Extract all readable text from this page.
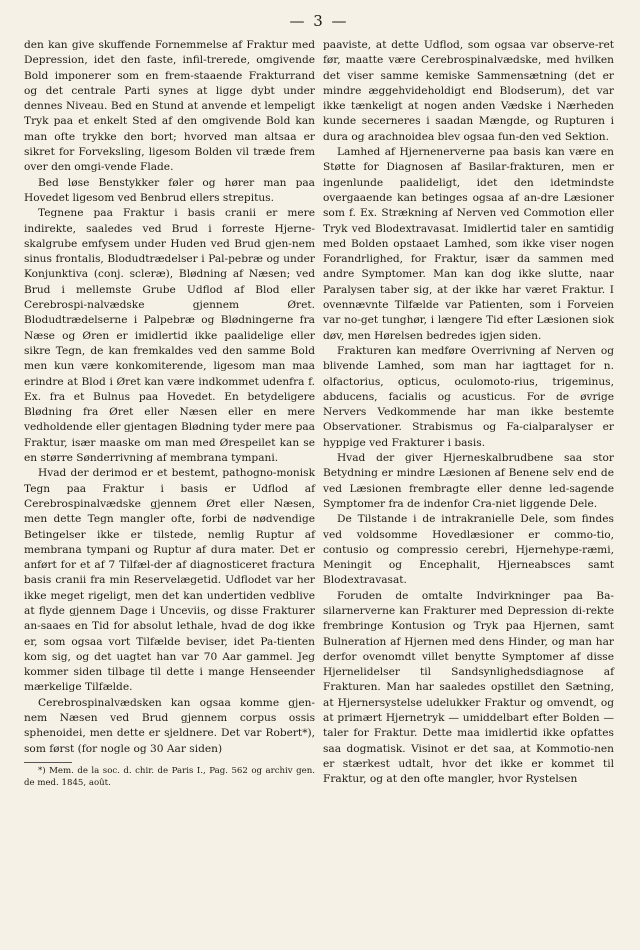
— 3 —

den kan give skuffende Fornemmelse af Fraktur med Depression, idet den faste, infil-trerede, omgivende Bold imponerer som en frem-staaende Frakturrand og det centrale Parti synes at ligge dybt under dennes Niveau. Bed en Stund at anvende et lempeligt Tryk paa et enkelt Sted af den omgivende Bold kan man ofte trykke den bort; hvorved man altsaa er sikret for Forveksling, ligesom Bolden vil træde frem over den omgi-vende Flade.

Bed løse Benstykker føler og hører man paa Hovedet ligesom ved Benbrud ellers strepitus.

Tegnene paa Fraktur i basis cranii er mere indirekte, saaledes ved Brud i forreste Hjerne-skalgrube emfysem under Huden ved Brud gjen-nem sinus frontalis, Blodudtrædelser i Pal-pebræ og under Konjunktiva (conj. scleræ), Blødning af Næsen; ved Brud i mellemste Grube Udflod af Blod eller Cerebrospi-nalvædske gjennem Øret. Blodudtrædelserne i Palpebræ og Blødningerne fra Næse og Øren er imidlertid ikke paalidelige eller sikre Tegn, de kan fremkaldes ved den samme Bold men kun være konkomiterende, ligesom man maa erindre at Blod i Øret kan være indkommet udenfra f. Ex. fra et Bulnus paa Hovedet. En betydeligere Blødning fra Øret eller Næsen eller en mere vedholdende eller gjentagen Blødning tyder mere paa Fraktur, især maaske om man med Ørespeilet kan se en større Sønderrivning af membrana tympani.

Hvad der derimod er et bestemt, pathogno-monisk Tegn paa Fraktur i basis er Udflod af Cerebrospinalvædske gjennem Øret eller Næsen, men dette Tegn mangler ofte, forbi de nødvendige Betingelser ikke er tilstede, nemlig Ruptur af membrana tympani og Ruptur af dura mater. Det er anført for et af 7 Tilfæl-der af diagnosticeret fractura basis cranii fra min Reservelægetid. Udflodet var her ikke meget rigeligt, men det kan undertiden vedblive at flyde gjennem Dage i Unceviis, og disse Frakturer an-saaes en Tid for absolut lethale, hvad de dog ikke er, som ogsaa vort Tilfælde beviser, idet Pa-tienten kom sig, og det uagtet han var 70 Aar gammel. Jeg kommer siden tilbage til dette i mange Henseender mærkelige Tilfælde.

Cerebrospinalvædsken kan ogsaa komme gjen-nem Næsen ved Brud gjennem corpus ossis sphenoidei, men dette er sjeldnere. Det var Robert*), som først (for nogle og 30 Aar siden)

*) Mem. de la soc. d. chir. de Paris I., Pag. 562 og archiv gen. de med. 1845, août.

paaviste, at dette Udflod, som ogsaa var observe-ret før, maatte være Cerebrospinalvædske, med hvilken det viser samme kemiske Sammensætning (det er mindre æggehvideholdigt end Blodserum), det var ikke tænkeligt at nogen anden Vædske i Nærheden kunde secerneres i saadan Mængde, og Rupturen i dura og arachnoidea blev ogsaa fun-den ved Sektion.

Lamhed af Hjernenerverne paa basis kan være en Støtte for Diagnosen af Basilar-frakturen, men er ingenlunde paalideligt, idet den idetmindste overgaaende kan betinges ogsaa af an-dre Læsioner som f. Ex. Strækning af Nerven ved Commotion eller Tryk ved Blodextravasat. Imidlertid taler en samtidig med Bolden opstaaet Lamhed, som ikke viser nogen Forandrlighed, for Fraktur, især da sammen med andre Symptomer. Man kan dog ikke slutte, naar Paralysen taber sig, at der ikke har været Fraktur. I ovennævnte Tilfælde var Patienten, som i Forveien var no-get tunghør, i længere Tid efter Læsionen siok døv, men Hørelsen bedredes igjen siden.

Frakturen kan medføre Overrivning af Nerven og blivende Lamhed, som man har iagttaget for n. olfactorius, opticus, oculomoto-rius, trigeminus, abducens, facialis og acusticus. For de øvrige Nervers Vedkommende har man ikke bestemte Observationer. Strabismus og Fa-cialparalyser er hyppige ved Frakturer i basis.

Hvad der giver Hjerneskalbrudbene saa stor Betydning er mindre Læsionen af Benene selv end de ved Læsionen frembragte eller denne led-sagende Symptomer fra de indenfor Cra-niet liggende Dele.

De Tilstande i de intrakranielle Dele, som findes ved voldsomme Hovedlæsioner er commo-tio, contusio og compressio cerebri, Hjernehype-ræmi, Meningit og Encephalit, Hjerneabsces samt Blodextravasat.

Foruden de omtalte Indvirkninger paa Ba-silarnerverne kan Frakturer med Depression di-rekte frembringe Kontusion og Tryk paa Hjernen, samt Bulneration af Hjernen med dens Hinder, og man har derfor ovenomdt villet benytte Symptomer af disse Hjernelidelser til Sandsynlighedsdiagnose af Frakturen. Man har saaledes opstillet den Sætning, at Hjernersystelse udelukker Fraktur og omvendt, og at primært Hjernetryk — umiddelbart efter Bolden — taler for Fraktur. Dette maa imidlertid ikke opfattes saa dogmatisk. Visinot er det saa, at Kommotio-nen er stærkest udtalt, hvor det ikke er kommet til Fraktur, og at den ofte mangler, hvor Rystelsen
